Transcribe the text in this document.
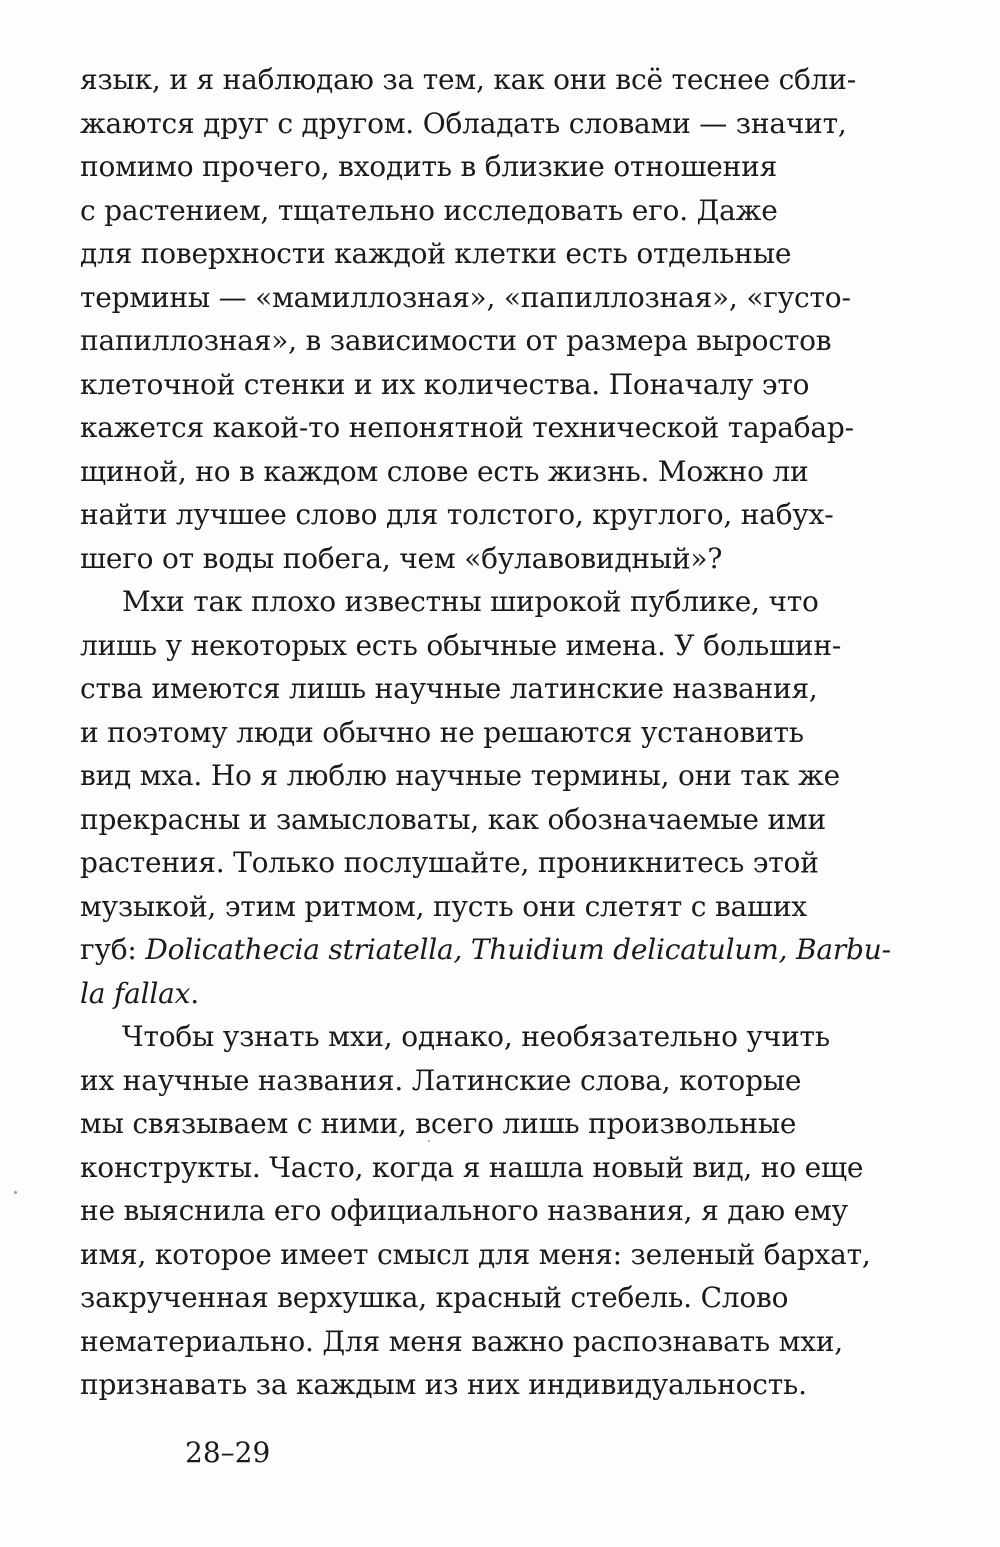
язык, и я наблюдаю за тем, как они всё теснее сбли-
жаются друг с другом. Обладать словами — значит,
помимо прочего, входить в близкие отношения
с растением, тщательно исследовать его. Даже
для поверхности каждой клетки есть отдельные
термины — «мамиллозная», «папиллозная», «густо-
папиллозная», в зависимости от размера выростов
клеточной стенки и их количества. Поначалу это
кажется какой-то непонятной технической тарабар-
щиной, но в каждом слове есть жизнь. Можно ли
найти лучшее слово для толстого, круглого, набух-
шего от воды побега, чем «булавовидный»?
Мхи так плохо известны широкой публике, что
лишь у некоторых есть обычные имена. У большин-
ства имеются лишь научные латинские названия,
и поэтому люди обычно не решаются установить
вид мха. Но я люблю научные термины, они так же
прекрасны и замысловаты, как обозначаемые ими
растения. Только послушайте, проникнитесь этой
музыкой, этим ритмом, пусть они слетят с ваших
губ: Dolicathecia striatella, Thuidium delicatulum, Barbu-
la fallax.
Чтобы узнать мхи, однако, необязательно учить
их научные названия. Латинские слова, которые
мы связываем с ними, всего лишь произвольные
конструкты. Часто, когда я нашла новый вид, но еще
не выяснила его официального названия, я даю ему
имя, которое имеет смысл для меня: зеленый бархат,
закрученная верхушка, красный стебель. Слово
нематериально. Для меня важно распознавать мхи,
признавать за каждым из них индивидуальность.
28–29
